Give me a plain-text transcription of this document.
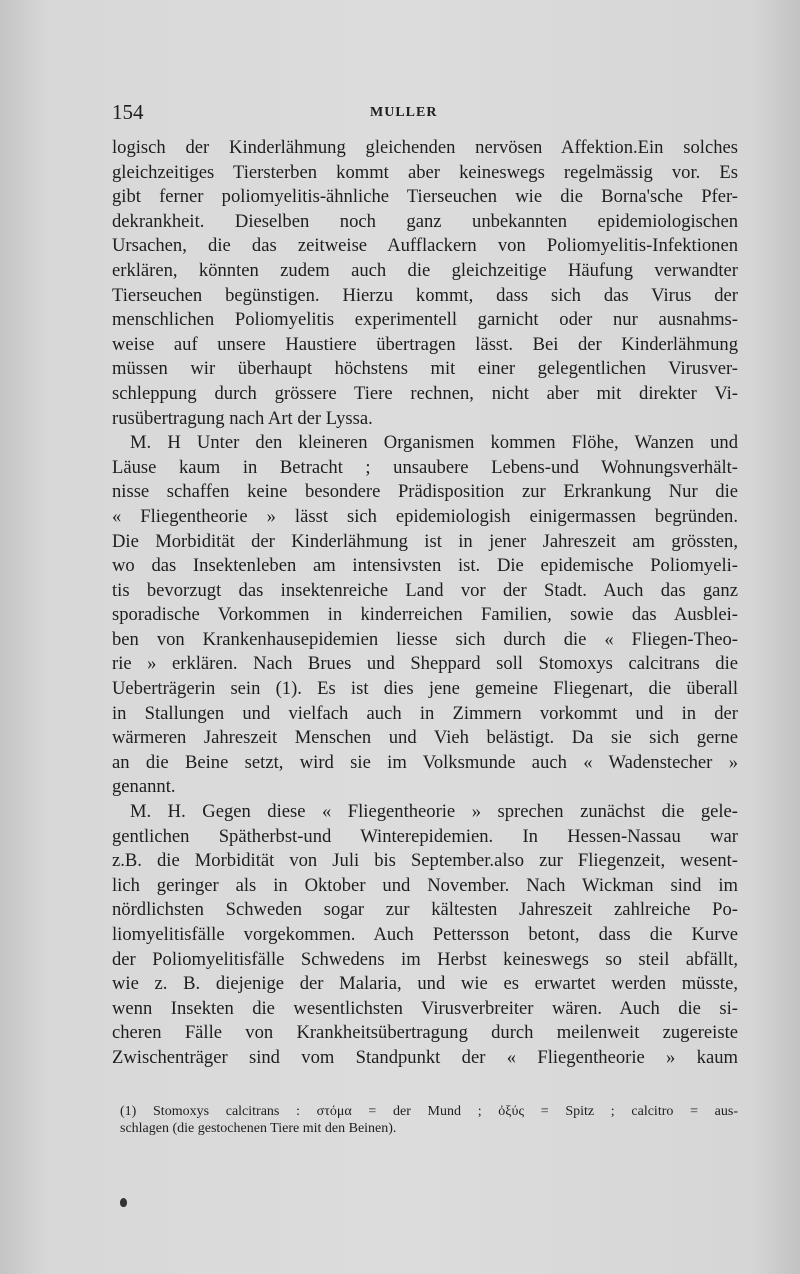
154	MULLER
logisch der Kinderlähmung gleichenden nervösen Affektion.Ein solches
gleichzeitiges Tiersterben kommt aber keineswegs regelmässig vor. Es
gibt ferner poliomyelitis-ähnliche Tierseuchen wie die Borna'sche Pfer-
dekrankheit. Dieselben noch ganz unbekannten epidemiologischen
Ursachen, die das zeitweise Aufflackern von Poliomyelitis-Infektionen
erklären, könnten zudem auch die gleichzeitige Häufung verwandter
Tierseuchen begünstigen. Hierzu kommt, dass sich das Virus der
menschlichen Poliomyelitis experimentell garnicht oder nur ausnahms-
weise auf unsere Haustiere übertragen lässt. Bei der Kinderlähmung
müssen wir überhaupt höchstens mit einer gelegentlichen Virusver-
schleppung durch grössere Tiere rechnen, nicht aber mit direkter Vi-
rusübertragung nach Art der Lyssa.
M. H Unter den kleineren Organismen kommen Flöhe, Wanzen und
Läuse kaum in Betracht ; unsaubere Lebens-und Wohnungsverhält-
nisse schaffen keine besondere Prädisposition zur Erkrankung Nur die
« Fliegentheorie » lässt sich epidemiologish einigermassen begründen.
Die Morbidität der Kinderlähmung ist in jener Jahreszeit am grössten,
wo das Insektenleben am intensivsten ist. Die epidemische Poliomyeli-
tis bevorzugt das insektenreiche Land vor der Stadt. Auch das ganz
sporadische Vorkommen in kinderreichen Familien, sowie das Ausblei-
ben von Krankenhausepidemien liesse sich durch die « Fliegen-Theo-
rie » erklären. Nach Brues und Sheppard soll Stomoxys calcitrans die
Ueberträgerin sein (1). Es ist dies jene gemeine Fliegenart, die überall
in Stallungen und vielfach auch in Zimmern vorkommt und in der
wärmeren Jahreszeit Menschen und Vieh belästigt. Da sie sich gerne
an die Beine setzt, wird sie im Volksmunde auch « Wadenstecher »
genannt.
M. H. Gegen diese « Fliegentheorie » sprechen zunächst die gele-
gentlichen Spätherbst-und Winterepidemien. In Hessen-Nassau war
z.B. die Morbidität von Juli bis September.also zur Fliegenzeit, wesent-
lich geringer als in Oktober und November. Nach Wickman sind im
nördlichsten Schweden sogar zur kältesten Jahreszeit zahlreiche Po-
liomyelitisfälle vorgekommen. Auch Pettersson betont, dass die Kurve
der Poliomyelitisfälle Schwedens im Herbst keineswegs so steil abfällt,
wie z. B. diejenige der Malaria, und wie es erwartet werden müsste,
wenn Insekten die wesentlichsten Virusverbreiter wären. Auch die si-
cheren Fälle von Krankheitsübertragung durch meilenweit zugereiste
Zwischenträger sind vom Standpunkt der « Fliegentheorie » kaum
(1) Stomoxys calcitrans : στόμα = der Mund ; ὀξύς = Spitz ; calcitro = aus-
schlagen (die gestochenen Tiere mit den Beinen).
